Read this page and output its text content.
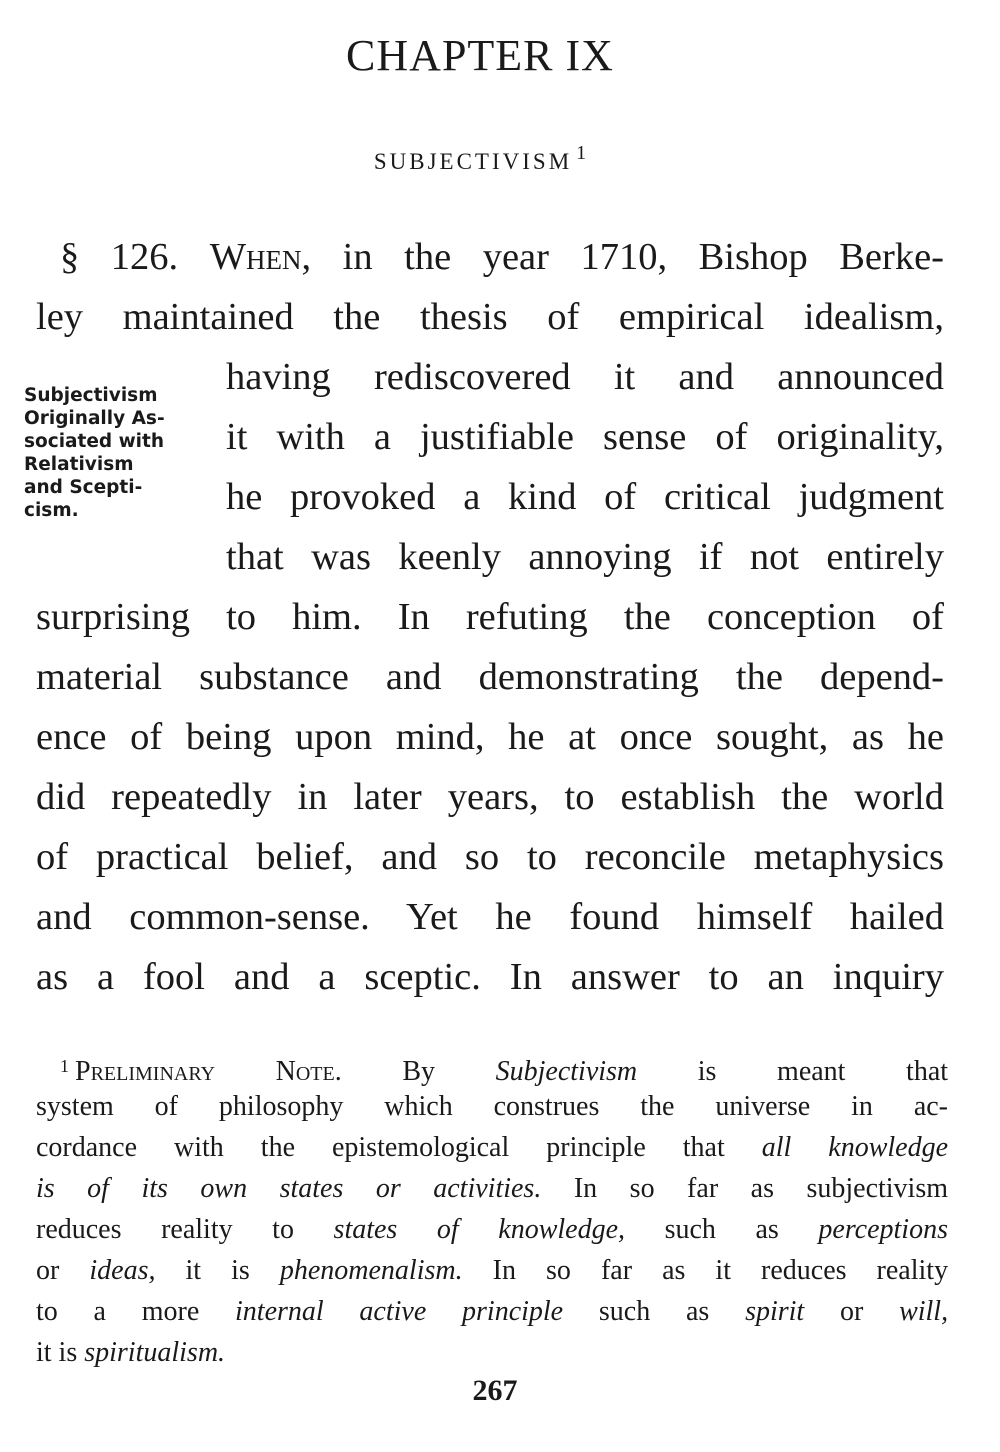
CHAPTER IX
SUBJECTIVISM $^1$
§ 126. When, in the year 1710, Bishop Berke-
ley maintained the thesis of empirical idealism,
having rediscovered it and announced
it with a justifiable sense of originality,
he provoked a kind of critical judgment
that was keenly annoying if not entirely
surprising to him. In refuting the conception of
material substance and demonstrating the depend-
ence of being upon mind, he at once sought, as he
did repeatedly in later years, to establish the world
of practical belief, and so to reconcile metaphysics
and common-sense. Yet he found himself hailed
as a fool and a sceptic. In answer to an inquiry
Subjectivism
Originally As-
sociated with
Relativism
and Scepti-
cism.
$^1$ Preliminary Note. By Subjectivism is meant that
system of philosophy which construes the universe in ac-
cordance with the epistemological principle that all knowledge
is of its own states or activities. In so far as subjectivism
reduces reality to states of knowledge, such as perceptions
or ideas, it is phenomenalism. In so far as it reduces reality
to a more internal active principle such as spirit or will,
it is spiritualism.
267
